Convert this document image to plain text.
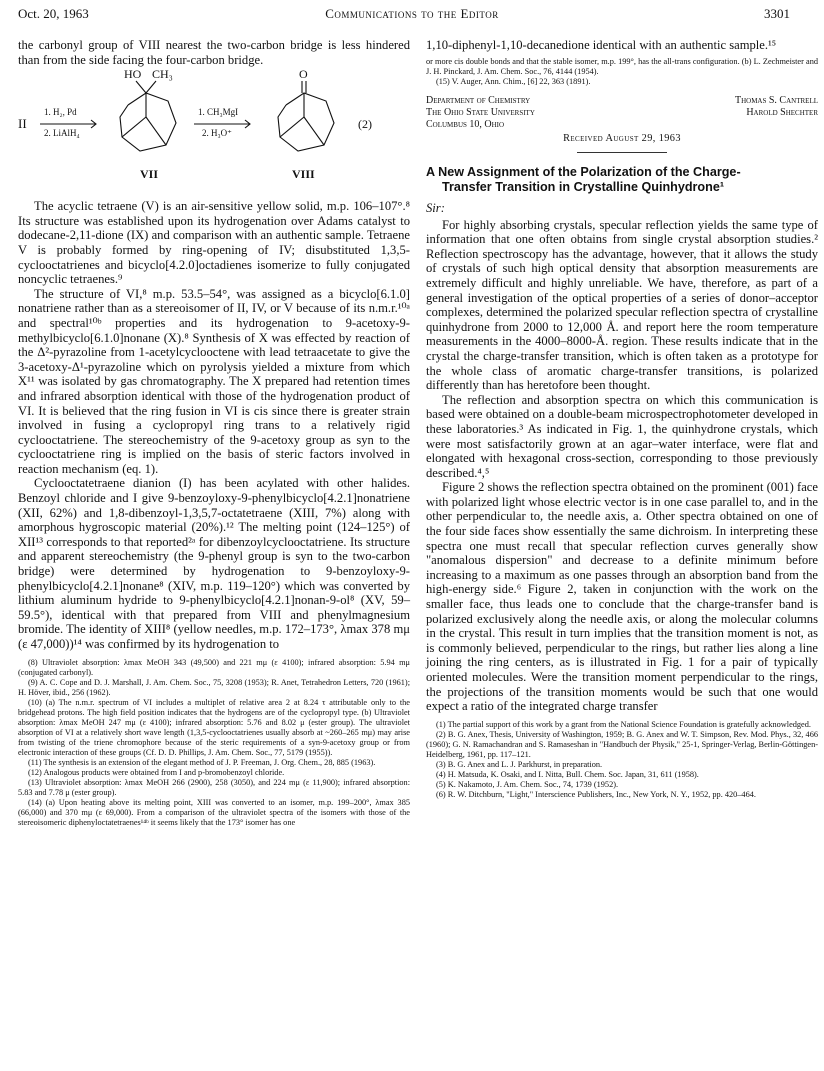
Oct. 20, 1963	Communications to the Editor	3301

the carbonyl group of VIII nearest the two-carbon bridge is less hindered than from the side facing the four-carbon bridge.

II
1. H₂, Pd
2. LiAlH₄
HO CH₃
1. CH₃MgI
2. H₃O⁺
O
(2)
VII	VIII

The acyclic tetraene (V) is an air-sensitive yellow solid, m.p. 106–107°.⁸ Its structure was established upon its hydrogenation over Adams catalyst to dodecane-2,11-dione (IX) and comparison with an authentic sample. Tetraene V is probably formed by ring-opening of IV; disubstituted 1,3,5-cyclooctatrienes and bicyclo[4.2.0]octadienes isomerize to fully conjugated noncyclic tetraenes.⁹

The structure of VI,⁸ m.p. 53.5–54°, was assigned as a bicyclo[6.1.0] nonatriene rather than as a stereoisomer of II, IV, or V because of its n.m.r.¹⁰ᵃ and spectral¹⁰ᵇ properties and its hydrogenation to 9-acetoxy-9-methylbicyclo[6.1.0]nonane (X).⁸ Synthesis of X was effected by reaction of the Δ²-pyrazoline from 1-acetylcyclooctene with lead tetraacetate to give the 3-acetoxy-Δ¹-pyrazoline which on pyrolysis yielded a mixture from which X¹¹ was isolated by gas chromatography. The X prepared had retention times and infrared absorption identical with those of the hydrogenation product of VI. It is believed that the ring fusion in VI is cis since there is greater strain involved in fusing a cyclopropyl ring trans to a relatively rigid cyclooctatriene. The stereochemistry of the 9-acetoxy group as syn to the cyclooctatriene ring is implied on the basis of steric factors involved in reaction mechanism (eq. 1).

Cyclooctatetraene dianion (I) has been acylated with other halides. Benzoyl chloride and I give 9-benzoyloxy-9-phenylbicyclo[4.2.1]nonatriene (XII, 62%) and 1,8-dibenzoyl-1,3,5,7-octatetraene (XIII, 7%) along with amorphous hygroscopic material (20%).¹² The melting point (124–125°) of XII¹³ corresponds to that reported²ᵃ for dibenzoylcyclooctatriene. Its structure and apparent stereochemistry (the 9-phenyl group is syn to the two-carbon bridge) were determined by hydrogenation to 9-benzoyloxy-9-phenylbicyclo[4.2.1]nonane⁸ (XIV, m.p. 119–120°) which was converted by lithium aluminum hydride to 9-phenylbicyclo[4.2.1]nonan-9-ol⁸ (XV, 59–59.5°), identical with that prepared from VIII and phenylmagnesium bromide. The identity of XIII⁸ (yellow needles, m.p. 172–173°, λmax 378 mμ (ε 47,000))¹⁴ was confirmed by its hydrogenation to

(8) Ultraviolet absorption: λmax MeOH 343 (49,500) and 221 mμ (ε 4100); infrared absorption: 5.94 mμ (conjugated carbonyl).

(9) A. C. Cope and D. J. Marshall, J. Am. Chem. Soc., 75, 3208 (1953); R. Anet, Tetrahedron Letters, 720 (1961); H. Höver, ibid., 256 (1962).

(10) (a) The n.m.r. spectrum of VI includes a multiplet of relative area 2 at 8.24 τ attributable only to the bridgehead protons. The high field position indicates that the hydrogens are of the cyclopropyl type. (b) Ultraviolet absorption: λmax MeOH 247 mμ (ε 4100); infrared absorption: 5.76 and 8.02 μ (ester group). The ultraviolet absorption of VI at a relatively short wave length (1,3,5-cyclooctatrienes usually absorb at ~260–265 mμ) may arise from twisting of the triene chromophore because of the steric requirements of a syn-9-acetoxy group or from electronic interaction of these groups (Cf. D. D. Phillips, J. Am. Chem. Soc., 77, 5179 (1955)).

(11) The synthesis is an extension of the elegant method of J. P. Freeman, J. Org. Chem., 28, 885 (1963).

(12) Analogous products were obtained from I and p-bromobenzoyl chloride.

(13) Ultraviolet absorption: λmax MeOH 266 (2900), 258 (3050), and 224 mμ (ε 11,900); infrared absorption: 5.83 and 7.78 μ (ester group).

(14) (a) Upon heating above its melting point, XIII was converted to an isomer, m.p. 199–200°, λmax 385 (66,000) and 370 mμ (ε 69,000). From a comparison of the ultraviolet spectra of the isomers with those of the stereoisomeric diphenyloctatetraenes¹⁴ᵇ it seems likely that the 173° isomer has one

1,10-diphenyl-1,10-decanedione identical with an authentic sample.¹⁵

or more cis double bonds and that the stable isomer, m.p. 199°, has the all-trans configuration. (b) L. Zechmeister and J. H. Pinckard, J. Am. Chem. Soc., 76, 4144 (1954).

(15) V. Auger, Ann. Chim., [6] 22, 363 (1891).

Department of Chemistry	Thomas S. Cantrell
The Ohio State University	Harold Shechter
Columbus 10, Ohio
Received August 29, 1963
A New Assignment of the Polarization of the Charge-
Transfer Transition in Crystalline Quinhydrone¹

Sir:

For highly absorbing crystals, specular reflection yields the same type of information that one often obtains from single crystal absorption studies.² Reflection spectroscopy has the advantage, however, that it allows the study of crystals of such high optical density that absorption measurements are extremely difficult and highly unreliable. We have, therefore, as part of a general investigation of the optical properties of a series of donor–acceptor complexes, determined the polarized specular reflection spectra of crystalline quinhydrone from 2000 to 12,000 Å. and report here the room temperature measurements in the 4000–8000-Å. region. These results indicate that in the crystal the charge-transfer transition, which is often taken as a prototype for the whole class of aromatic charge-transfer transitions, is polarized differently than has heretofore been thought.

The reflection and absorption spectra on which this communication is based were obtained on a double-beam microspectrophotometer developed in these laboratories.³ As indicated in Fig. 1, the quinhydrone crystals, which were most satisfactorily grown at an agar–water interface, were flat and elongated with hexagonal cross-section, corresponding to those previously described.⁴,⁵

Figure 2 shows the reflection spectra obtained on the prominent (001) face with polarized light whose electric vector is in one case parallel to, and in the other perpendicular to, the needle axis, a. Other spectra obtained on one of the four side faces show essentially the same dichroism. In interpreting these spectra one must recall that specular reflection curves generally show "anomalous dispersion" and decrease to a definite minimum before increasing to a maximum as one passes through an absorption band from the high-energy side.⁶ Figure 2, taken in conjunction with the work on the smaller face, thus leads one to conclude that the charge-transfer band is polarized exclusively along the needle axis, or along the molecular columns in the crystal. This result in turn implies that the transition moment is not, as is commonly believed, perpendicular to the rings, but rather lies along a line joining the ring centers, as is illustrated in Fig. 1 for a pair of typically oriented molecules. Were the transition moment perpendicular to the rings, the projections of the transition moments would be such that one would expect a ratio of the integrated charge transfer

(1) The partial support of this work by a grant from the National Science Foundation is gratefully acknowledged.

(2) B. G. Anex, Thesis, University of Washington, 1959; B. G. Anex and W. T. Simpson, Rev. Mod. Phys., 32, 466 (1960); G. N. Ramachandran and S. Ramaseshan in "Handbuch der Physik," 25-1, Springer-Verlag, Berlin-Göttingen-Heidelberg, 1961, pp. 117–121.

(3) B. G. Anex and L. J. Parkhurst, in preparation.

(4) H. Matsuda, K. Osaki, and I. Nitta, Bull. Chem. Soc. Japan, 31, 611 (1958).

(5) K. Nakamoto, J. Am. Chem. Soc., 74, 1739 (1952).

(6) R. W. Ditchburn, "Light," Interscience Publishers, Inc., New York, N. Y., 1952, pp. 420–464.
